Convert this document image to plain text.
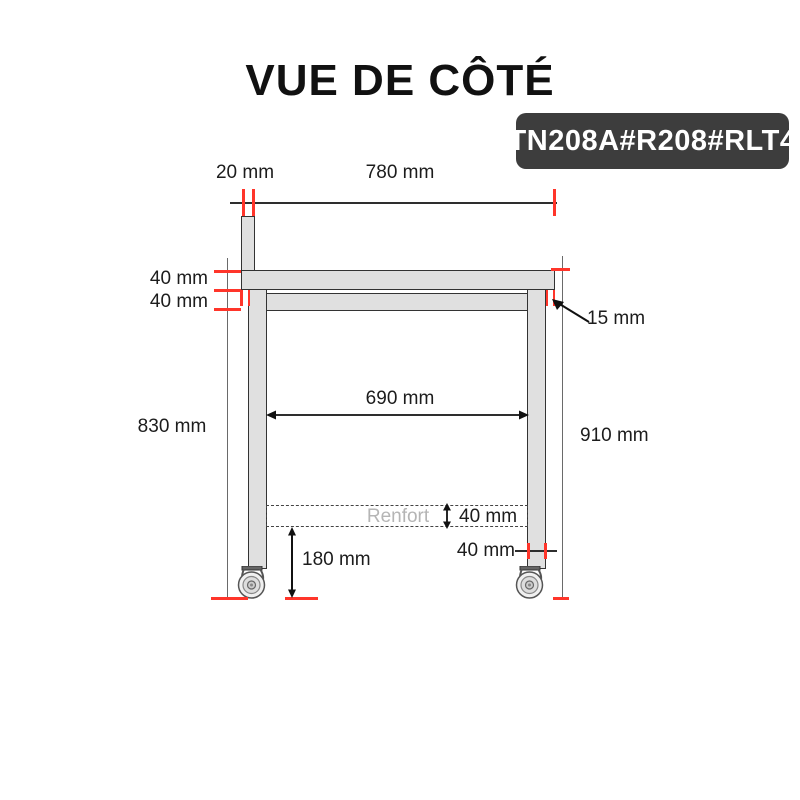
VUE DE CÔTÉ
TN208A#R208#RLT4
20 mm	780 mm
40 mm
40 mm
15 mm
690 mm
830 mm	910 mm
Renfort 40 mm
40 mm
180 mm
